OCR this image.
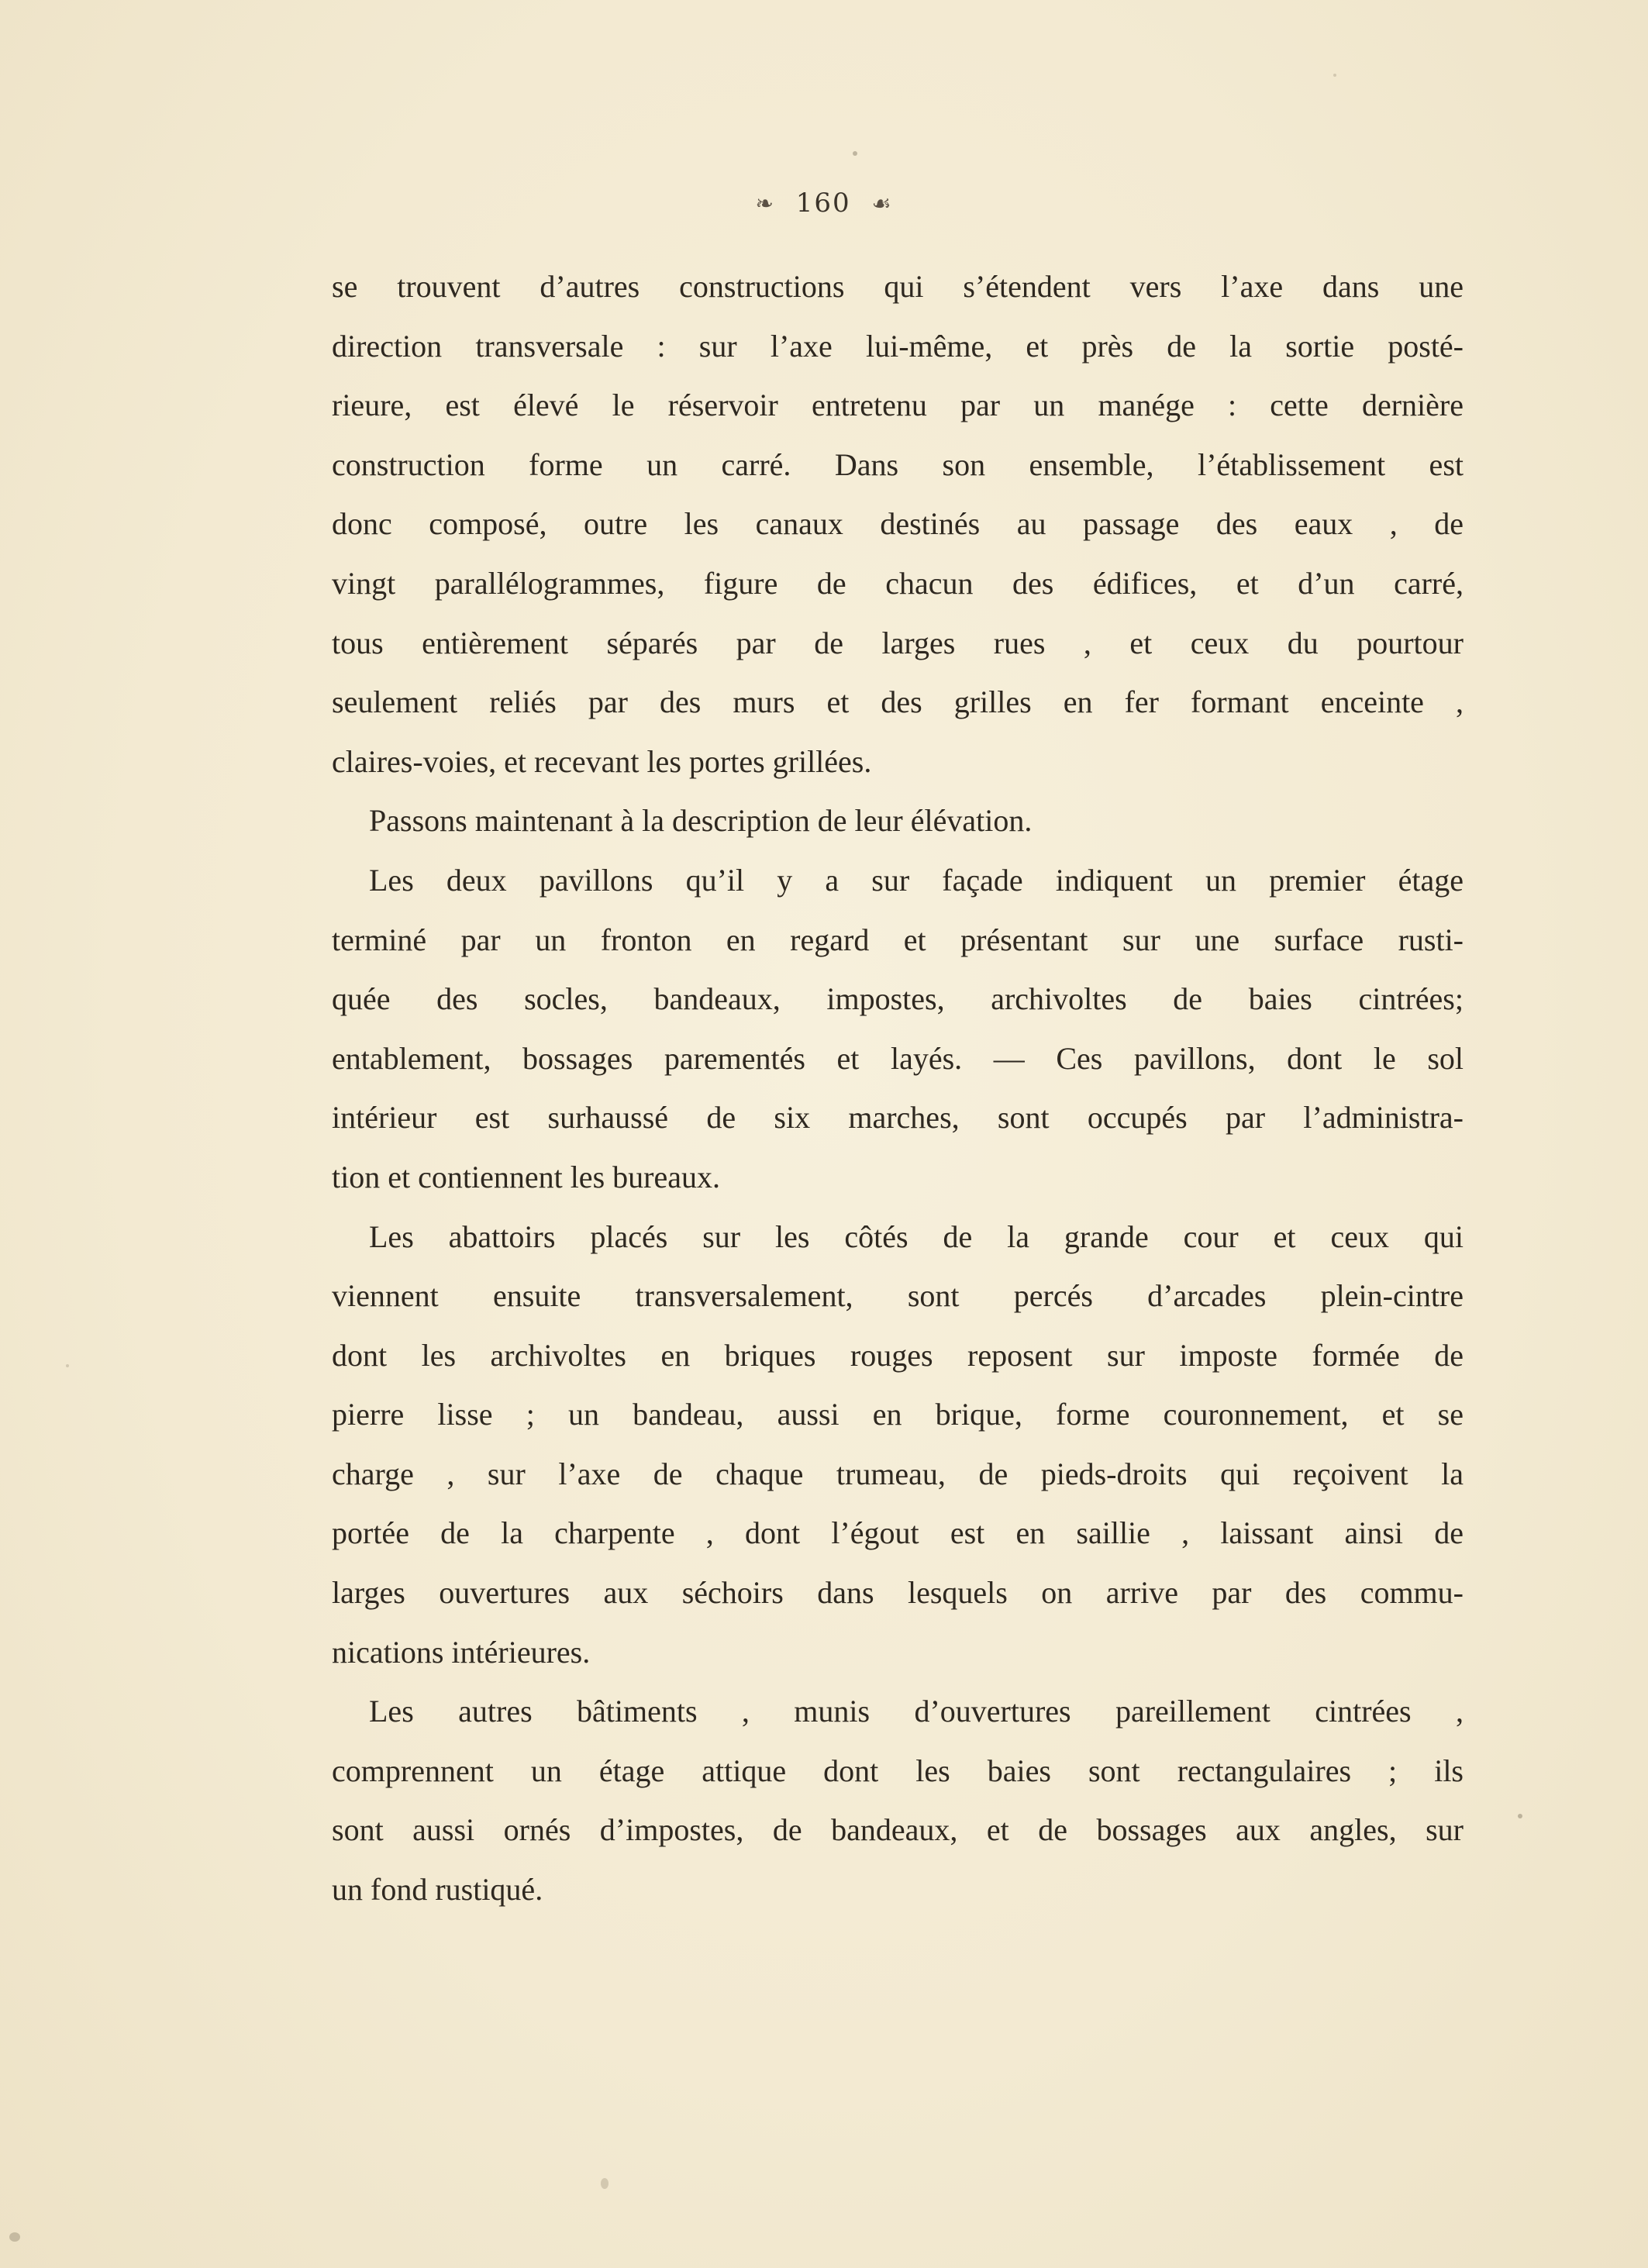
❧ 160 ☙
se trouvent d’autres constructions qui s’étendent vers l’axe dans une
direction transversale : sur l’axe lui-même, et près de la sortie posté-
rieure, est élevé le réservoir entretenu par un manége : cette dernière
construction forme un carré. Dans son ensemble, l’établissement est
donc composé, outre les canaux destinés au passage des eaux , de
vingt parallélogrammes, figure de chacun des édifices, et d’un carré,
tous entièrement séparés par de larges rues , et ceux du pourtour
seulement reliés par des murs et des grilles en fer formant enceinte ,
claires-voies, et recevant les portes grillées.
Passons maintenant à la description de leur élévation.
Les deux pavillons qu’il y a sur façade indiquent un premier étage
terminé par un fronton en regard et présentant sur une surface rusti-
quée des socles, bandeaux, impostes, archivoltes de baies cintrées;
entablement, bossages parementés et layés. — Ces pavillons, dont le sol
intérieur est surhaussé de six marches, sont occupés par l’administra-
tion et contiennent les bureaux.
Les abattoirs placés sur les côtés de la grande cour et ceux qui
viennent ensuite transversalement, sont percés d’arcades plein-cintre
dont les archivoltes en briques rouges reposent sur imposte formée de
pierre lisse ; un bandeau, aussi en brique, forme couronnement, et se
charge , sur l’axe de chaque trumeau, de pieds-droits qui reçoivent la
portée de la charpente , dont l’égout est en saillie , laissant ainsi de
larges ouvertures aux séchoirs dans lesquels on arrive par des commu-
nications intérieures.
Les autres bâtiments , munis d’ouvertures pareillement cintrées ,
comprennent un étage attique dont les baies sont rectangulaires ; ils
sont aussi ornés d’impostes, de bandeaux, et de bossages aux angles, sur
un fond rustiqué.
